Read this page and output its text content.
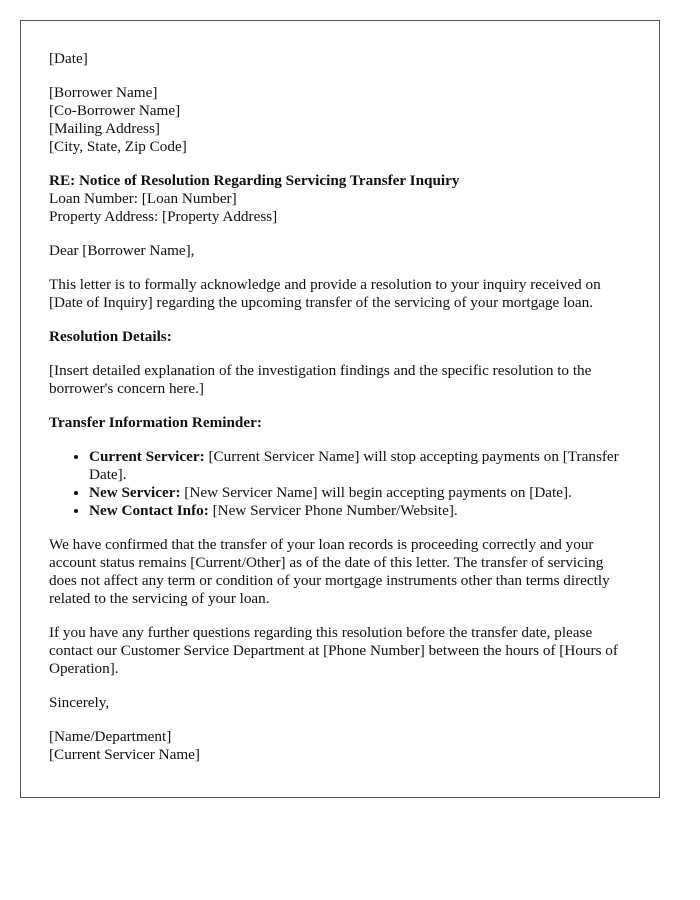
[Date]

[Borrower Name]
[Co-Borrower Name]
[Mailing Address]
[City, State, Zip Code]

RE: Notice of Resolution Regarding Servicing Transfer Inquiry
Loan Number: [Loan Number]
Property Address: [Property Address]

Dear [Borrower Name],

This letter is to formally acknowledge and provide a resolution to your inquiry received on [Date of Inquiry] regarding the upcoming transfer of the servicing of your mortgage loan.

Resolution Details:

[Insert detailed explanation of the investigation findings and the specific resolution to the borrower's concern here.]

Transfer Information Reminder:

• Current Servicer: [Current Servicer Name] will stop accepting payments on [Transfer Date].
• New Servicer: [New Servicer Name] will begin accepting payments on [Date].
• New Contact Info: [New Servicer Phone Number/Website].

We have confirmed that the transfer of your loan records is proceeding correctly and your account status remains [Current/Other] as of the date of this letter. The transfer of servicing does not affect any term or condition of your mortgage instruments other than terms directly related to the servicing of your loan.

If you have any further questions regarding this resolution before the transfer date, please contact our Customer Service Department at [Phone Number] between the hours of [Hours of Operation].

Sincerely,

[Name/Department]
[Current Servicer Name]
